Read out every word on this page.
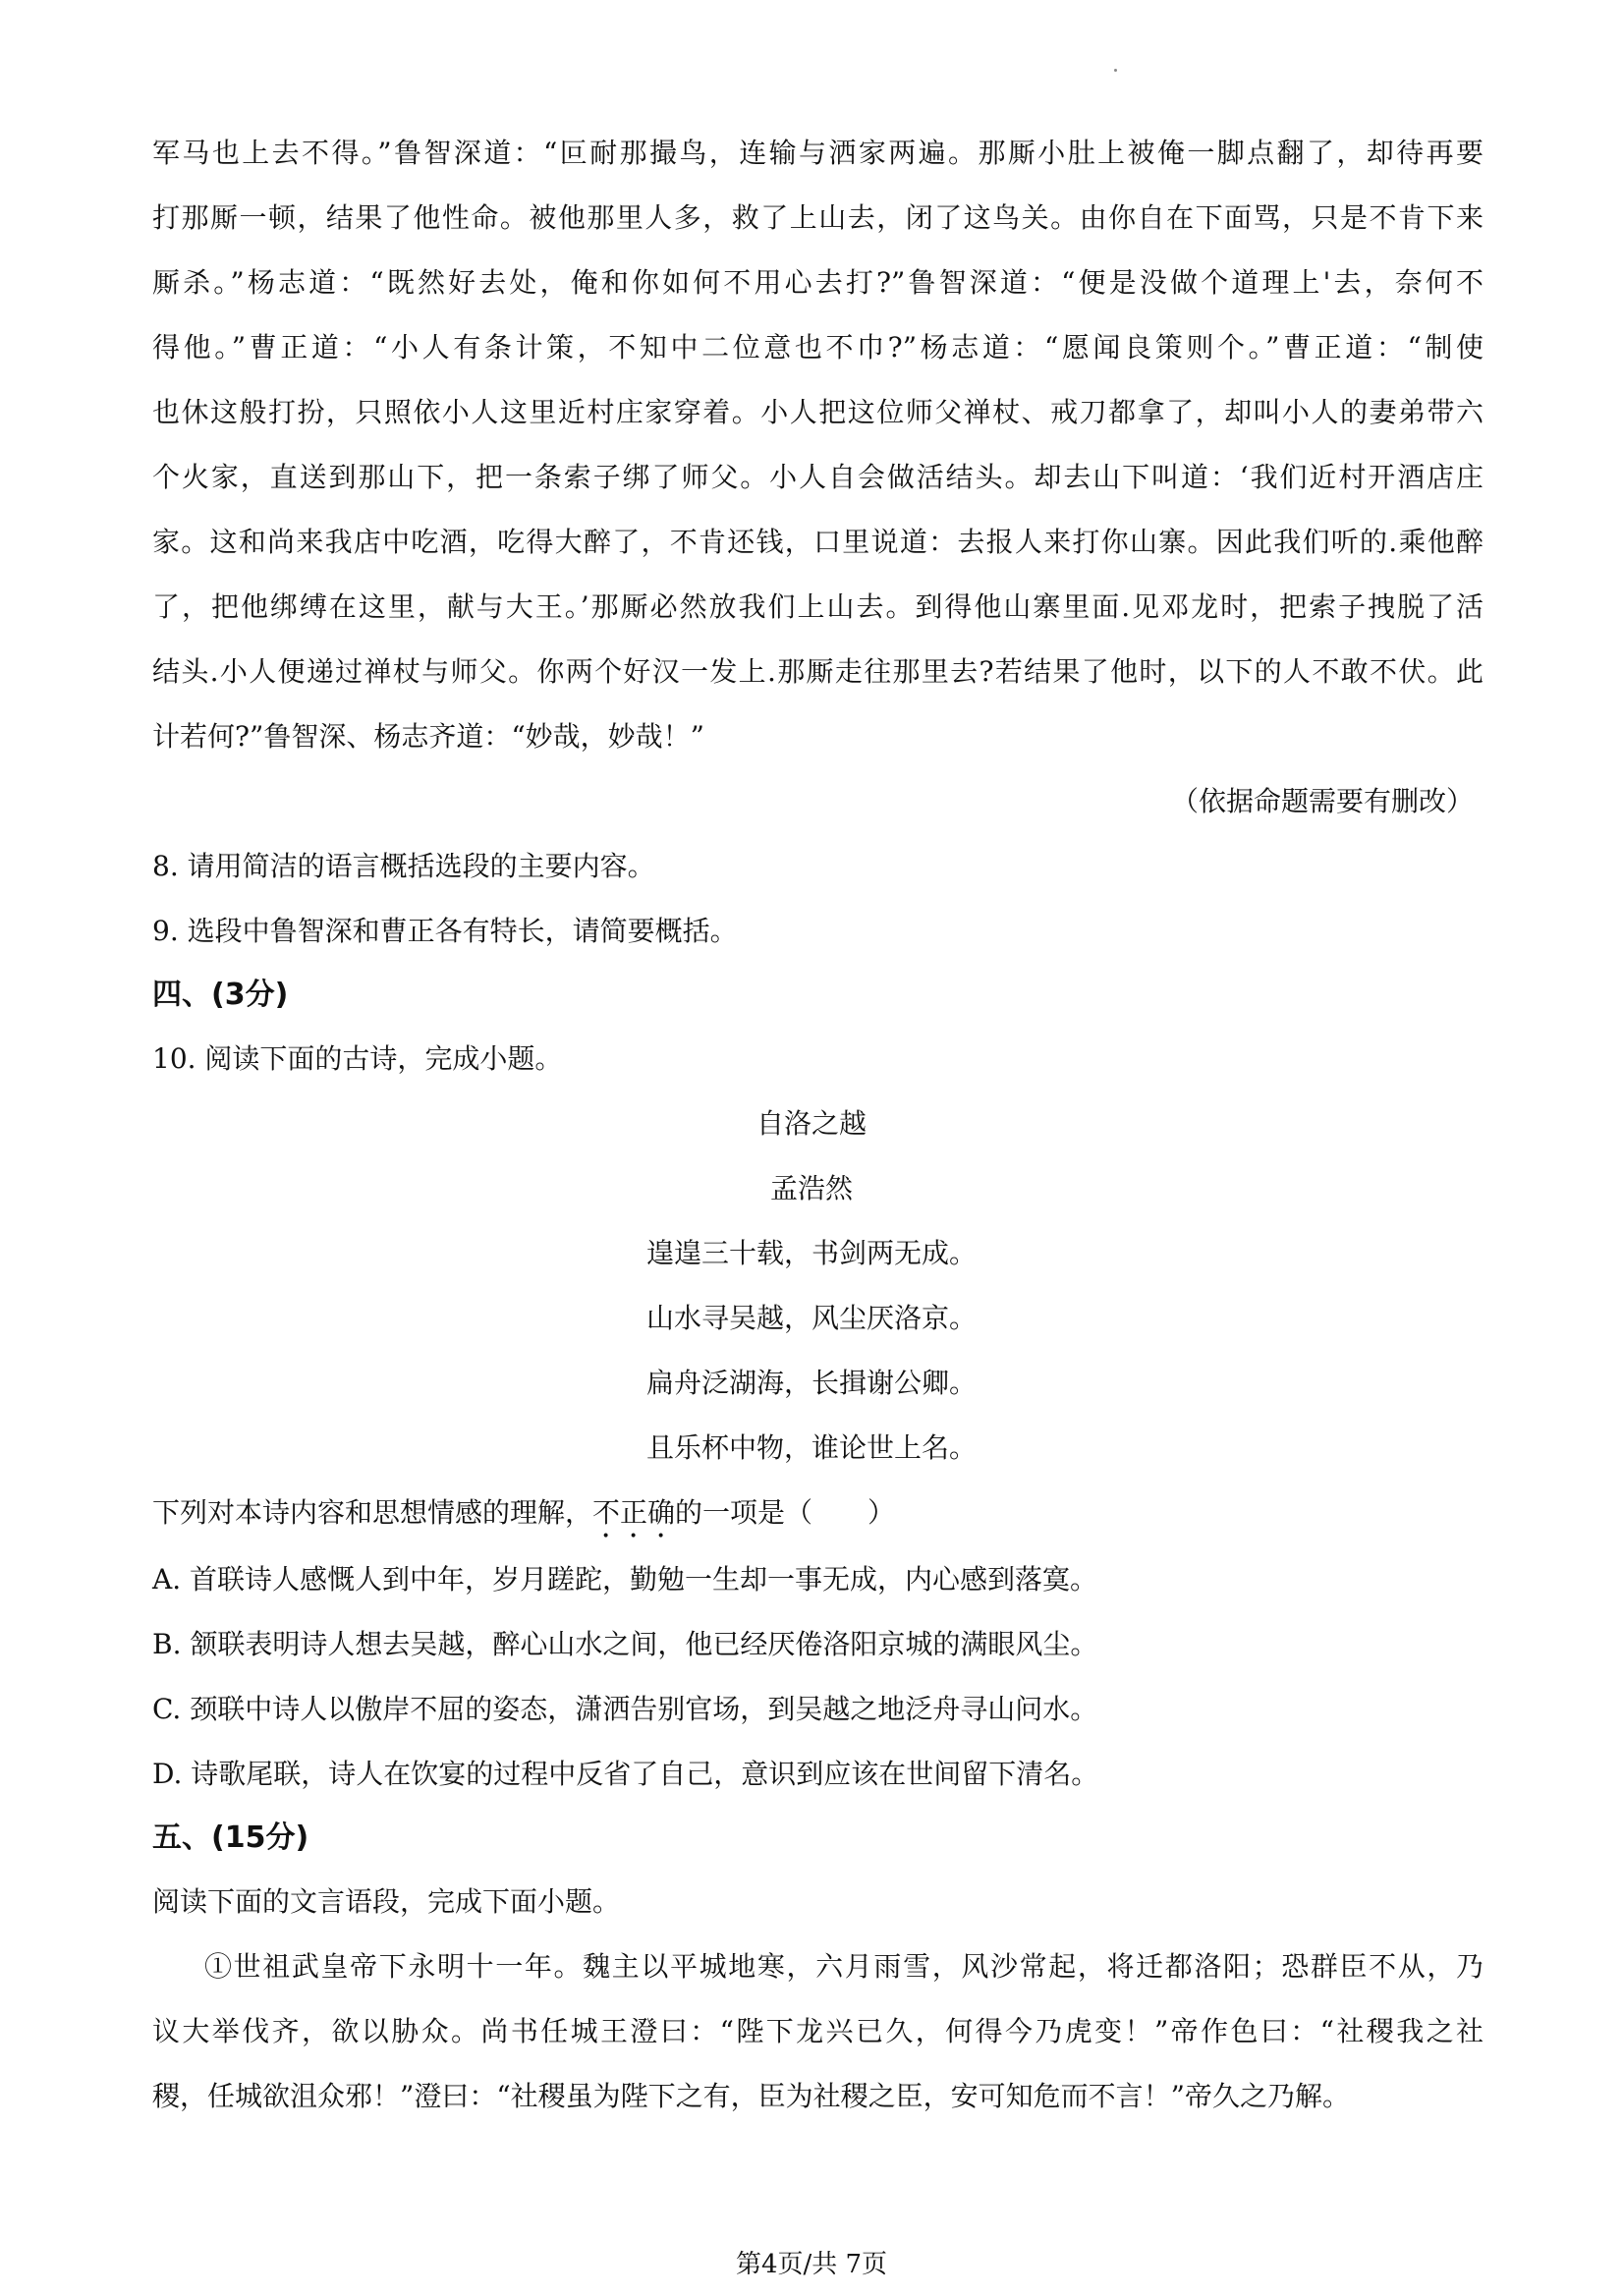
军马也上去不得。”鲁智深道：“叵耐那撮鸟，连输与洒家两遍。那厮小肚上被俺一脚点翻了，却待再要
打那厮一顿，结果了他性命。被他那里人多，救了上山去，闭了这鸟关。由你自在下面骂，只是不肯下来
厮杀。”杨志道：“既然好去处，俺和你如何不用心去打?”鲁智深道：“便是没做个道理上'去，奈何不
得他。”曹正道：“小人有条计策，不知中二位意也不巾?”杨志道：“愿闻良策则个。”曹正道：“制使
也休这般打扮，只照依小人这里近村庄家穿着。小人把这位师父禅杖、戒刀都拿了，却叫小人的妻弟带六
个火家，直送到那山下，把一条索子绑了师父。小人自会做活结头。却去山下叫道：‘我们近村开酒店庄
家。这和尚来我店中吃酒，吃得大醉了，不肯还钱，口里说道：去报人来打你山寨。因此我们听的.乘他醉
了，把他绑缚在这里，献与大王。’那厮必然放我们上山去。到得他山寨里面.见邓龙时，把索子拽脱了活
结头.小人便递过禅杖与师父。你两个好汉一发上.那厮走往那里去?若结果了他时，以下的人不敢不伏。此
计若何?”鲁智深、杨志齐道：“妙哉，妙哉！”
（依据命题需要有删改）
8. 请用简洁的语言概括选段的主要内容。
9. 选段中鲁智深和曹正各有特长，请简要概括。
四、(3分)
10. 阅读下面的古诗，完成小题。
自洛之越
孟浩然
遑遑三十载，书剑两无成。
山水寻吴越，风尘厌洛京。
扁舟泛湖海，长揖谢公卿。
且乐杯中物，谁论世上名。
下列对本诗内容和思想情感的理解，不正确的一项是（　　）
A. 首联诗人感慨人到中年，岁月蹉跎，勤勉一生却一事无成，内心感到落寞。
B. 颔联表明诗人想去吴越，醉心山水之间，他已经厌倦洛阳京城的满眼风尘。
C. 颈联中诗人以傲岸不屈的姿态，潇洒告别官场，到吴越之地泛舟寻山问水。
D. 诗歌尾联，诗人在饮宴的过程中反省了自己，意识到应该在世间留下清名。
五、(15分)
阅读下面的文言语段，完成下面小题。
①世祖武皇帝下永明十一年。魏主以平城地寒，六月雨雪，风沙常起，将迁都洛阳；恐群臣不从，乃
议大举伐齐，欲以胁众。尚书任城王澄曰：“陛下龙兴已久，何得今乃虎变！”帝作色曰：“社稷我之社
稷，任城欲沮众邪！”澄曰：“社稷虽为陛下之有，臣为社稷之臣，安可知危而不言！”帝久之乃解。
第4页/共 7页
